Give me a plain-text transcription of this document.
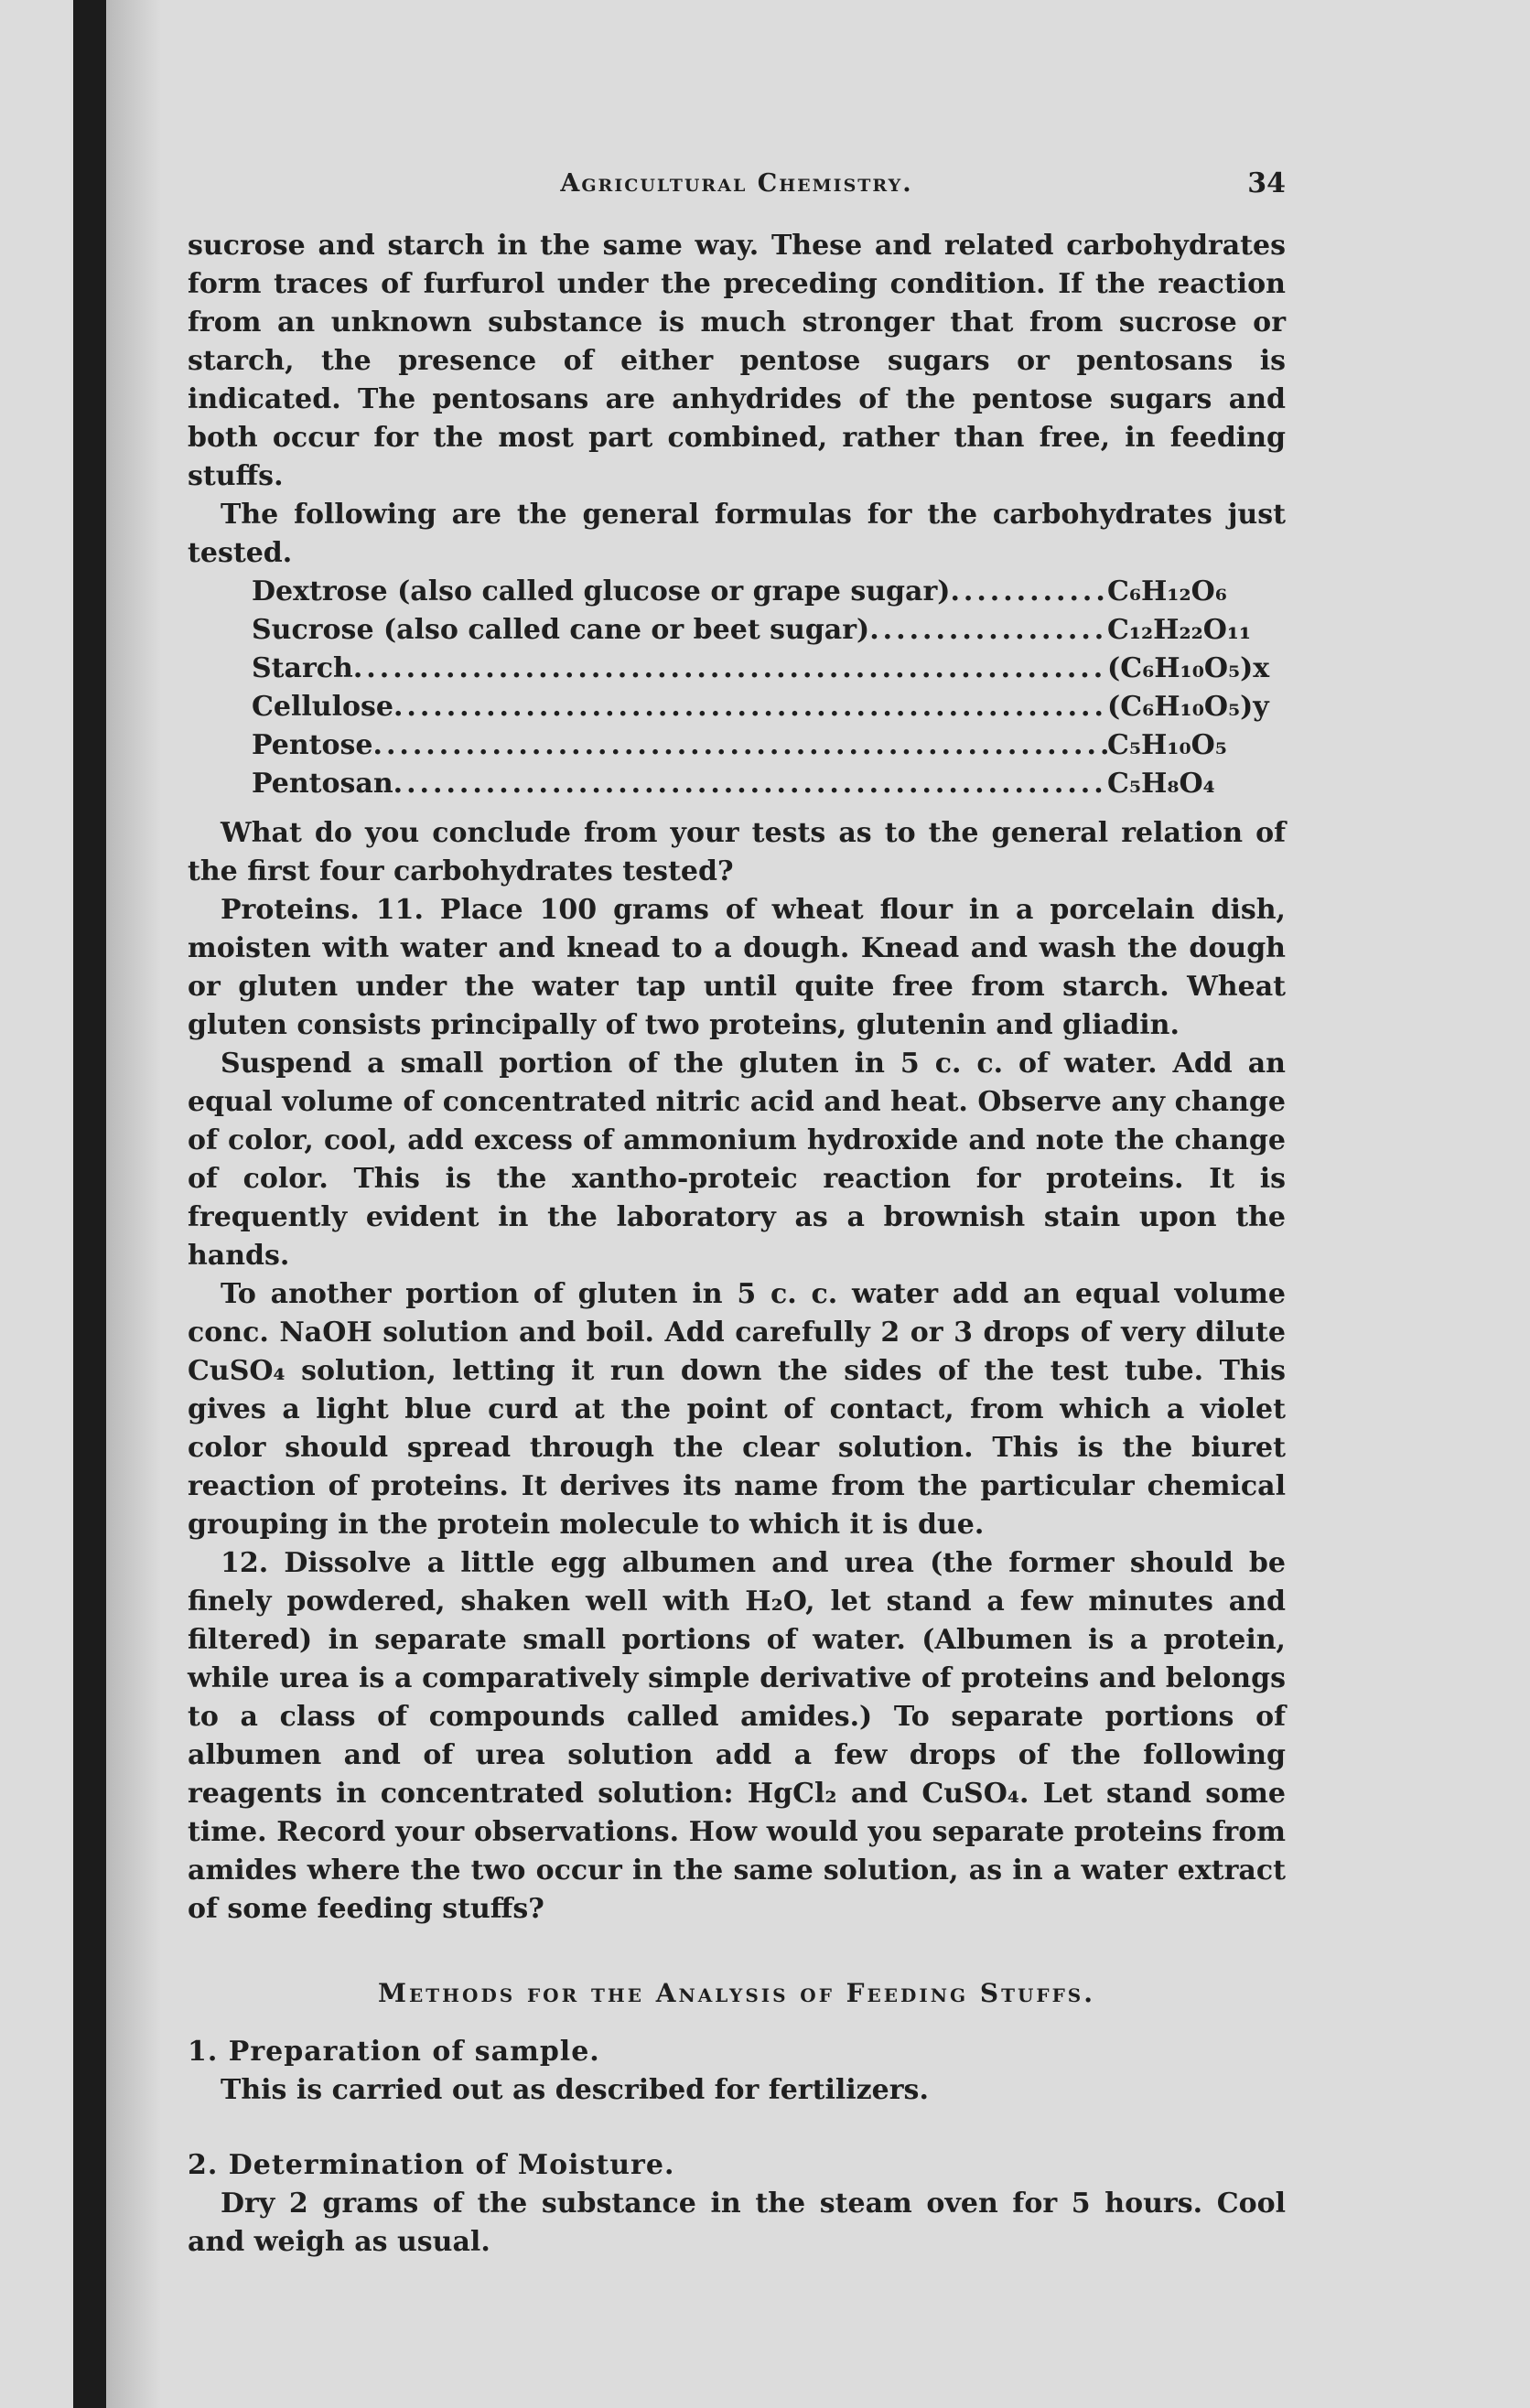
Agricultural Chemistry.	34

sucrose and starch in the same way. These and related carbohydrates form traces of furfurol under the preceding condition. If the reaction from an unknown substance is much stronger that from sucrose or starch, the presence of either pentose sugars or pentosans is indicated. The pentosans are anhydrides of the pentose sugars and both occur for the most part combined, rather than free, in feeding stuffs.

The following are the general formulas for the carbohydrates just tested.

Dextrose (also called glucose or grape sugar) .....	C₆H₁₂O₆
Sucrose (also called cane or beet sugar) .....	C₁₂H₂₂O₁₁
Starch .....	(C₆H₁₀O₅)x
Cellulose .....	(C₆H₁₀O₅)y
Pentose .....	C₅H₁₀O₅
Pentosan .....	C₅H₈O₄

What do you conclude from your tests as to the general relation of the first four carbohydrates tested?

Proteins. 11. Place 100 grams of wheat flour in a porcelain dish, moisten with water and knead to a dough. Knead and wash the dough or gluten under the water tap until quite free from starch. Wheat gluten consists principally of two proteins, glutenin and gliadin.

Suspend a small portion of the gluten in 5 c. c. of water. Add an equal volume of concentrated nitric acid and heat. Observe any change of color, cool, add excess of ammonium hydroxide and note the change of color. This is the xantho-proteic reaction for proteins. It is frequently evident in the laboratory as a brownish stain upon the hands.

To another portion of gluten in 5 c. c. water add an equal volume conc. NaOH solution and boil. Add carefully 2 or 3 drops of very dilute CuSO₄ solution, letting it run down the sides of the test tube. This gives a light blue curd at the point of contact, from which a violet color should spread through the clear solution. This is the biuret reaction of proteins. It derives its name from the particular chemical grouping in the protein molecule to which it is due.

12. Dissolve a little egg albumen and urea (the former should be finely powdered, shaken well with H₂O, let stand a few minutes and filtered) in separate small portions of water. (Albumen is a protein, while urea is a comparatively simple derivative of proteins and belongs to a class of compounds called amides.) To separate portions of albumen and of urea solution add a few drops of the following reagents in concentrated solution: HgCl₂ and CuSO₄. Let stand some time. Record your observations. How would you separate proteins from amides where the two occur in the same solution, as in a water extract of some feeding stuffs?

Methods for the Analysis of Feeding Stuffs.

1. Preparation of sample.

This is carried out as described for fertilizers.

2. Determination of Moisture.

Dry 2 grams of the substance in the steam oven for 5 hours. Cool and weigh as usual.
